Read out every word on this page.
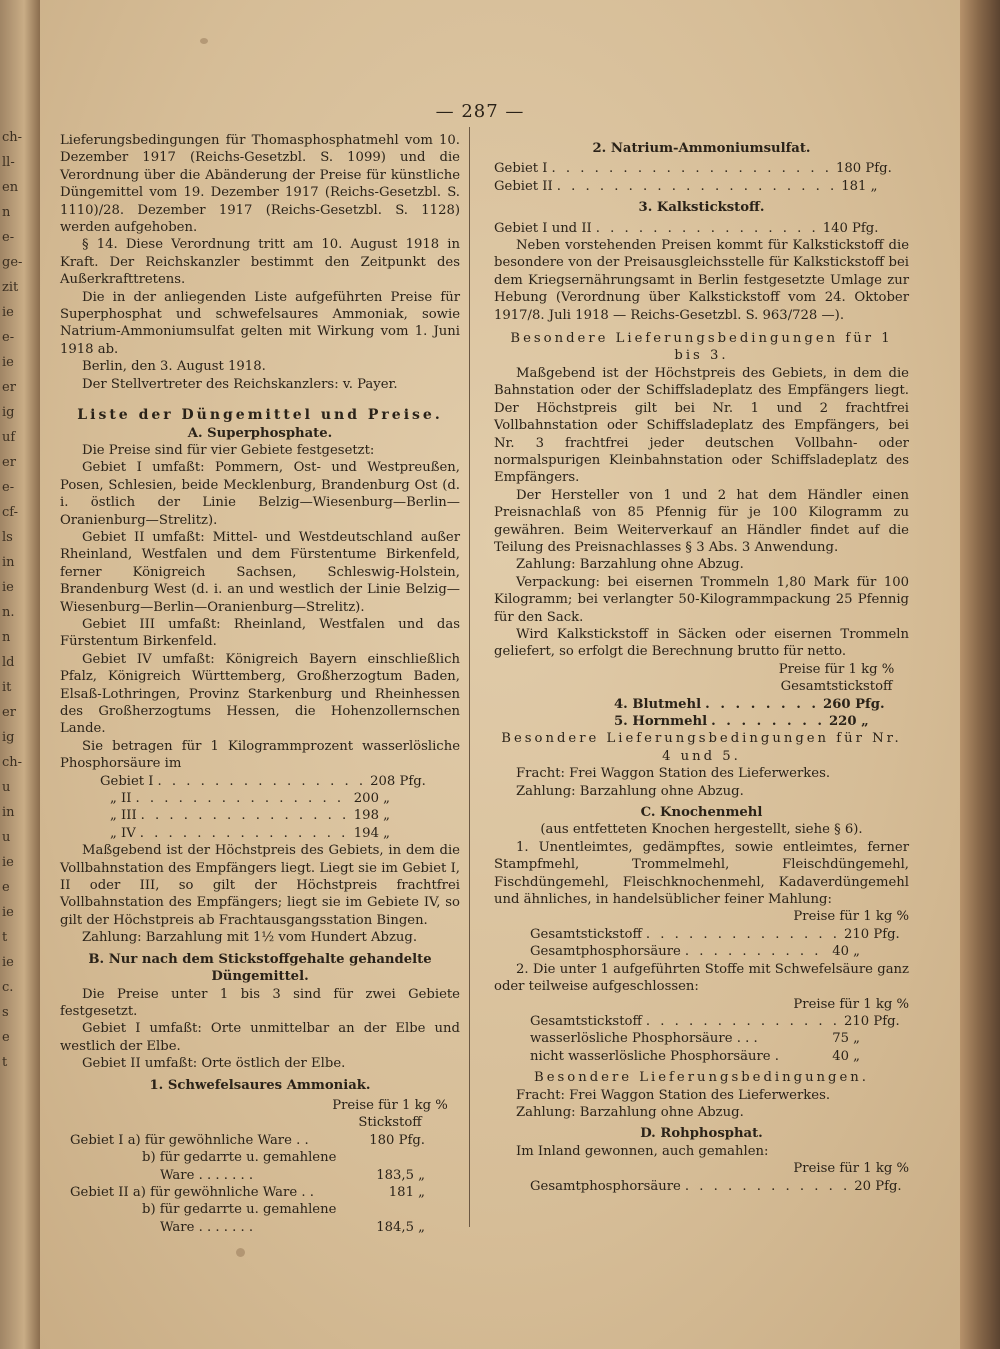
ch-
ll-
en
n
e-
ge-
zit
ie
e-
ie
er
ig
uf
er
e-
cf-
ls
in
ie
n.
n
ld
it
er
ig
ch-
u
in
u
ie
e
ie
t
ie
c.
s
e
t
— 287 —

Lieferungsbedingungen für Thomasphosphatmehl vom 10. Dezember 1917 (Reichs-Gesetzbl. S. 1099) und die Verordnung über die Abänderung der Preise für künstliche Düngemittel vom 19. Dezember 1917 (Reichs-Gesetzbl. S. 1110)/28. Dezember 1917 (Reichs-Gesetzbl. S. 1128) werden aufgehoben.

§ 14. Diese Verordnung tritt am 10. August 1918 in Kraft. Der Reichskanzler bestimmt den Zeitpunkt des Außerkrafttretens.

Die in der anliegenden Liste aufgeführten Preise für Superphosphat und schwefelsaures Ammoniak, sowie Natrium-Ammoniumsulfat gelten mit Wirkung vom 1. Juni 1918 ab.

Berlin, den 3. August 1918.

Der Stellvertreter des Reichskanzlers: v. Payer.

Liste der Düngemittel und Preise.

A. Superphosphate.

Die Preise sind für vier Gebiete festgesetzt:

Gebiet I umfaßt: Pommern, Ost- und Westpreußen, Posen, Schlesien, beide Mecklenburg, Brandenburg Ost (d. i. östlich der Linie Belzig—Wiesenburg—Berlin—Oranienburg—Strelitz).

Gebiet II umfaßt: Mittel- und Westdeutschland außer Rheinland, Westfalen und dem Fürstentume Birkenfeld, ferner Königreich Sachsen, Schleswig-Holstein, Brandenburg West (d. i. an und westlich der Linie Belzig—Wiesenburg—Berlin—Oranienburg—Strelitz).

Gebiet III umfaßt: Rheinland, Westfalen und das Fürstentum Birkenfeld.

Gebiet IV umfaßt: Königreich Bayern einschließlich Pfalz, Königreich Württemberg, Großherzogtum Baden, Elsaß-Lothringen, Provinz Starkenburg und Rheinhessen des Großherzogtums Hessen, die Hohenzollernschen Lande.

Sie betragen für 1 Kilogrammprozent wasserlösliche Phosphorsäure im

Gebiet I . . . . . . . . . . . . . . . 208 Pfg.
„ II . . . . . . . . . . . . . . . 200 „
„ III . . . . . . . . . . . . . . . 198 „
„ IV . . . . . . . . . . . . . . . 194 „

Maßgebend ist der Höchstpreis des Gebiets, in dem die Vollbahnstation des Empfängers liegt. Liegt sie im Gebiet I, II oder III, so gilt der Höchstpreis frachtfrei Vollbahnstation des Empfängers; liegt sie im Gebiete IV, so gilt der Höchstpreis ab Frachtausgangsstation Bingen.

Zahlung: Barzahlung mit 1½ vom Hundert Abzug.

B. Nur nach dem Stickstoffgehalte gehandelte Düngemittel.

Die Preise unter 1 bis 3 sind für zwei Gebiete festgesetzt.

Gebiet I umfaßt: Orte unmittelbar an der Elbe und westlich der Elbe.

Gebiet II umfaßt: Orte östlich der Elbe.

1. Schwefelsaures Ammoniak.

Preise für 1 kg % Stickstoff

Gebiet I a) für gewöhnliche Ware . .	180 Pfg.
b) für gedarrte u. gemahlene
Ware . . . . . . .	183,5 „
Gebiet II a) für gewöhnliche Ware . .	181 „
b) für gedarrte u. gemahlene
Ware . . . . . . .	184,5 „

2. Natrium-Ammoniumsulfat.

Gebiet I . . . . . . . . . . . . . . . . . . . . 180 Pfg.
Gebiet II . . . . . . . . . . . . . . . . . . . . 181 „

3. Kalkstickstoff.

Gebiet I und II . . . . . . . . . . . . . . . . 140 Pfg.

Neben vorstehenden Preisen kommt für Kalkstickstoff die besondere von der Preisausgleichsstelle für Kalkstickstoff bei dem Kriegsernährungsamt in Berlin festgesetzte Umlage zur Hebung (Verordnung über Kalkstickstoff vom 24. Oktober 1917/8. Juli 1918 — Reichs-Gesetzbl. S. 963/728 —).

Besondere Lieferungsbedingungen für 1 bis 3.

Maßgebend ist der Höchstpreis des Gebiets, in dem die Bahnstation oder der Schiffsladeplatz des Empfängers liegt. Der Höchstpreis gilt bei Nr. 1 und 2 frachtfrei Vollbahnstation oder Schiffsladeplatz des Empfängers, bei Nr. 3 frachtfrei jeder deutschen Vollbahn- oder normalspurigen Kleinbahnstation oder Schiffsladeplatz des Empfängers.

Der Hersteller von 1 und 2 hat dem Händler einen Preisnachlaß von 85 Pfennig für je 100 Kilogramm zu gewähren. Beim Weiterverkauf an Händler findet auf die Teilung des Preisnachlasses § 3 Abs. 3 Anwendung.

Zahlung: Barzahlung ohne Abzug.

Verpackung: bei eisernen Trommeln 1,80 Mark für 100 Kilogramm; bei verlangter 50-Kilogrammpackung 25 Pfennig für den Sack.

Wird Kalkstickstoff in Säcken oder eisernen Trommeln geliefert, so erfolgt die Berechnung brutto für netto.

Preise für 1 kg % Gesamtstickstoff

4. Blutmehl . . . . . . . . 260 Pfg.
5. Hornmehl . . . . . . . . 220 „

Besondere Lieferungsbedingungen für Nr. 4 und 5.

Fracht: Frei Waggon Station des Lieferwerkes.

Zahlung: Barzahlung ohne Abzug.

C. Knochenmehl

(aus entfetteten Knochen hergestellt, siehe § 6).

1. Unentleimtes, gedämpftes, sowie entleimtes, ferner Stampfmehl, Trommelmehl, Fleischdüngemehl, Fischdüngemehl, Fleischknochenmehl, Kadaverdüngemehl und ähnliches, in handelsüblicher feiner Mahlung:

Preise für 1 kg %

Gesamtstickstoff . . . . . . . . . . . . . . 210 Pfg.
Gesamtphosphorsäure . . . . . . . . . . 40 „

2. Die unter 1 aufgeführten Stoffe mit Schwefelsäure ganz oder teilweise aufgeschlossen:

Preise für 1 kg %

Gesamtstickstoff . . . . . . . . . . . . . . 210 Pfg.
wasserlösliche Phosphorsäure . . .	75 „
nicht wasserlösliche Phosphorsäure .	40 „

Besondere Lieferungsbedingungen.

Fracht: Frei Waggon Station des Lieferwerkes.

Zahlung: Barzahlung ohne Abzug.

D. Rohphosphat.

Im Inland gewonnen, auch gemahlen:

Preise für 1 kg %

Gesamtphosphorsäure . . . . . . . . . . . . 20 Pfg.
